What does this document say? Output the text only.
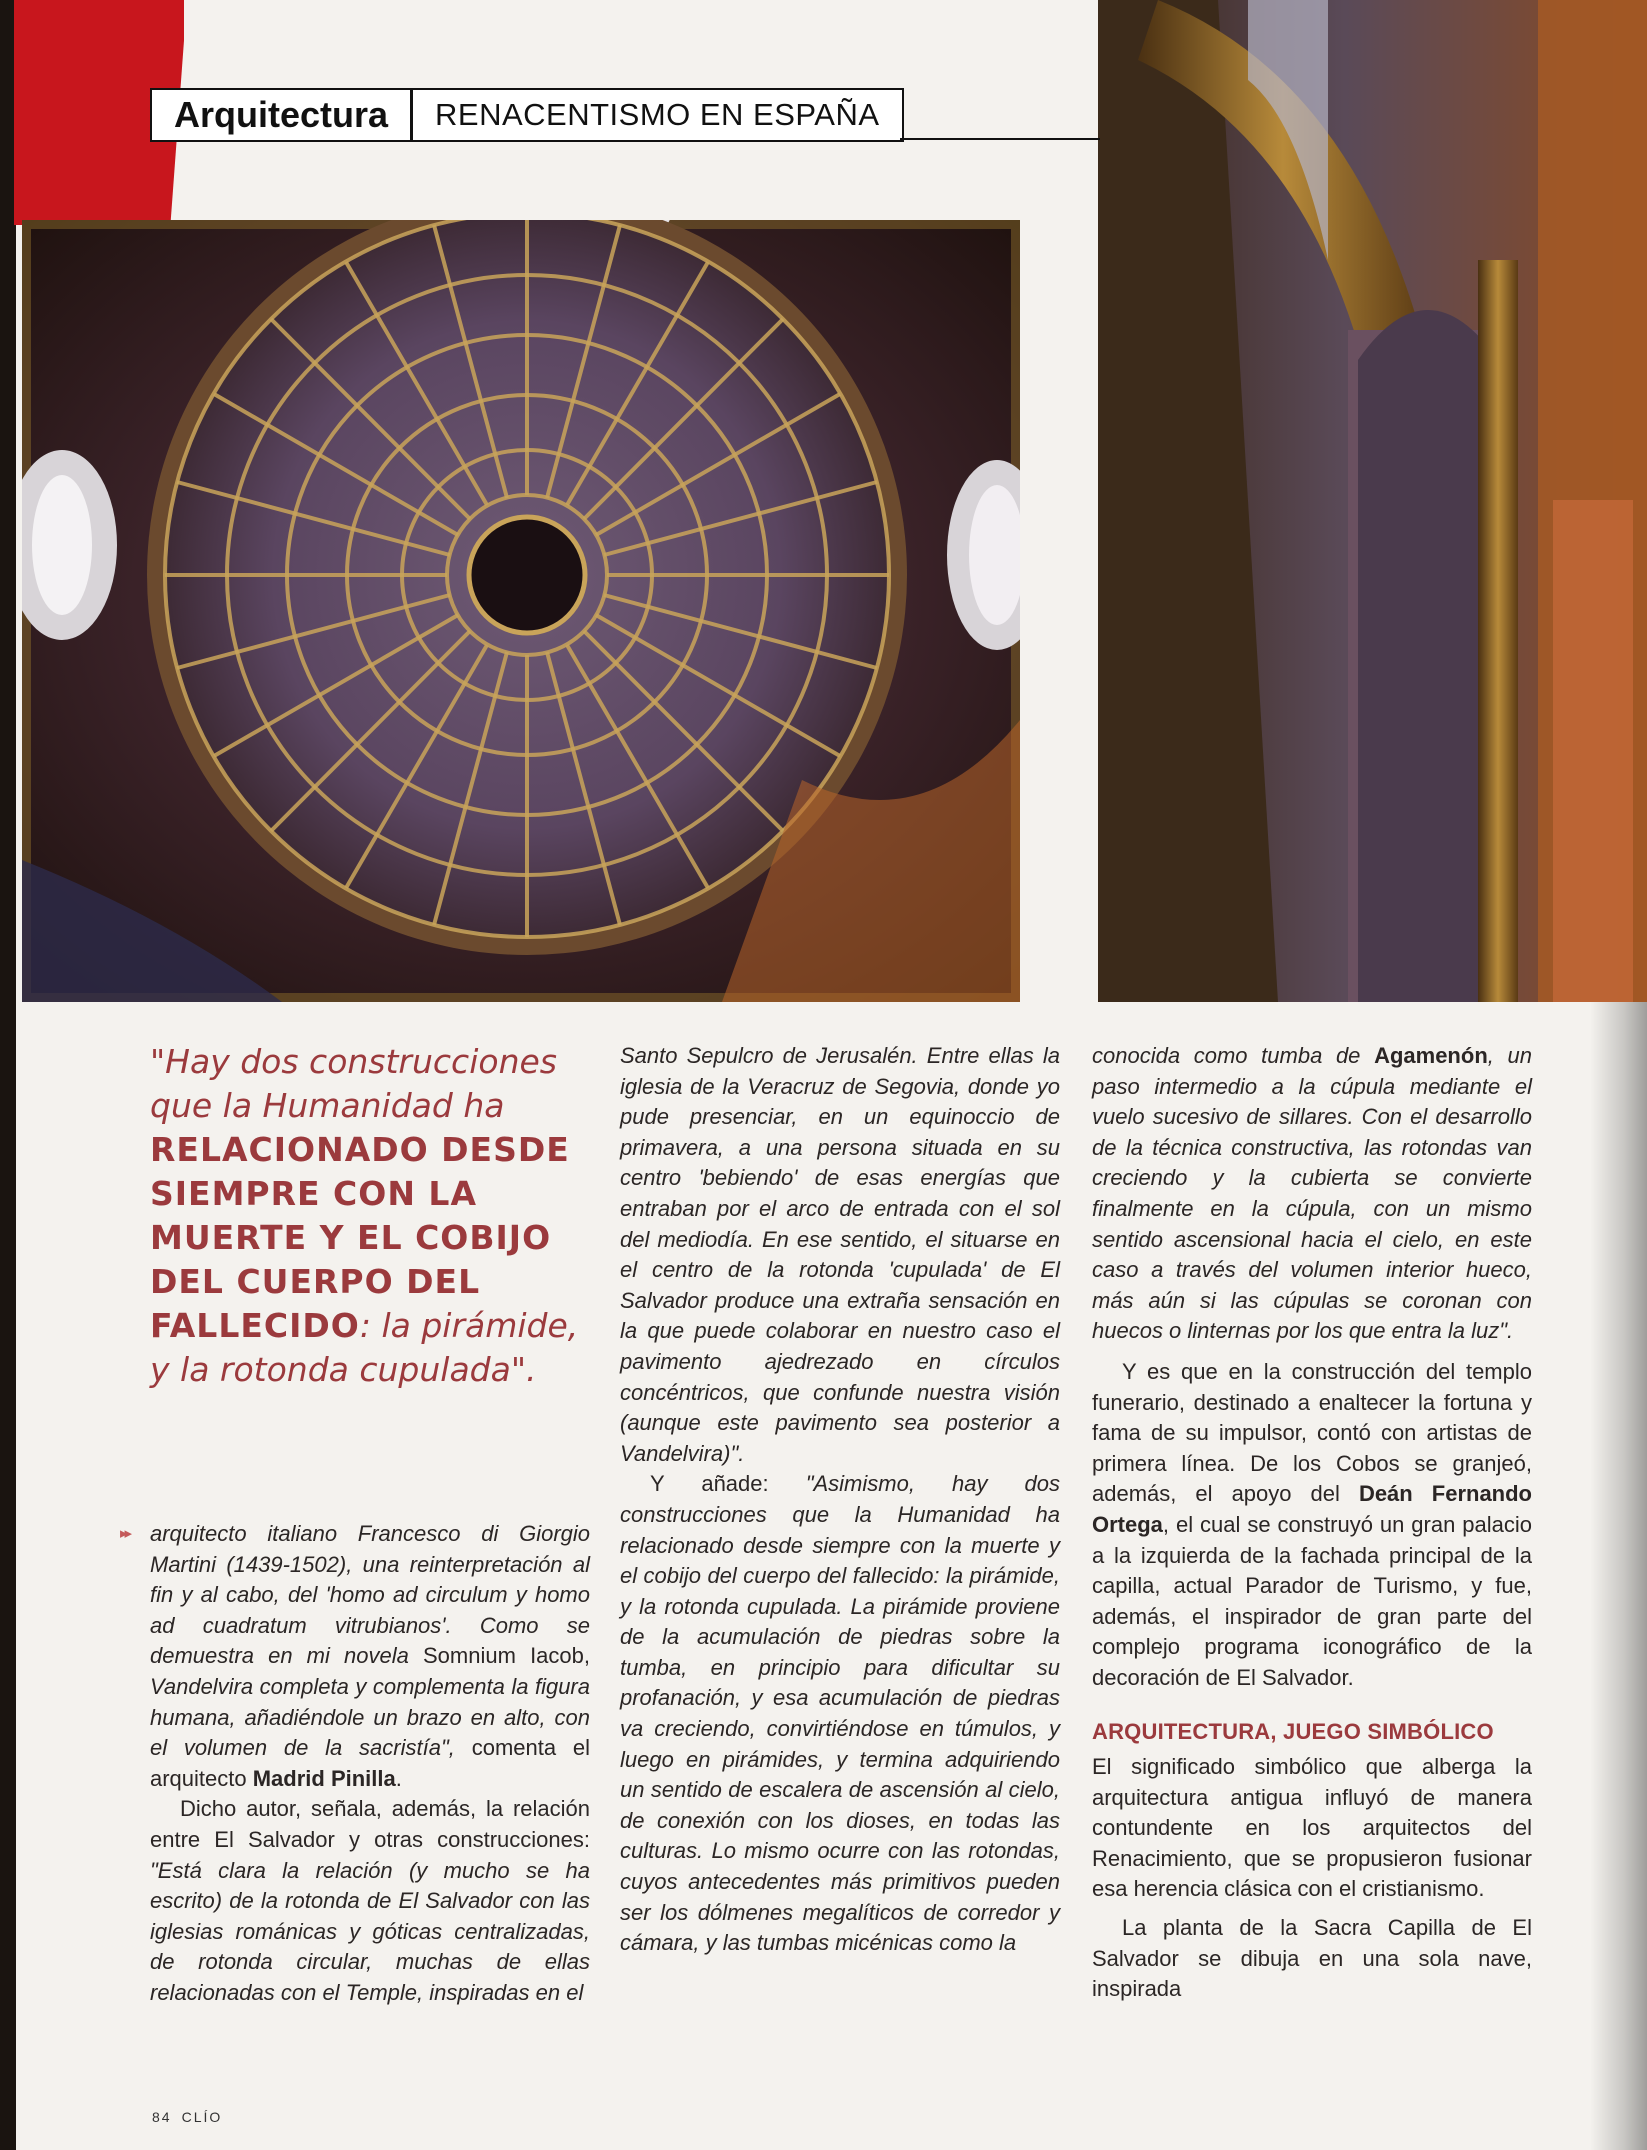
Arquitectura	RENACENTISMO EN ESPAÑA
"Hay dos construcciones que la Humanidad ha RELACIONADO DESDE SIEMPRE CON LA MUERTE Y EL COBIJO DEL CUERPO DEL FALLECIDO: la pirámide, y la rotonda cupulada".
▸▸ arquitecto italiano Francesco di Giorgio Martini (1439-1502), una reinterpretación al fin y al cabo, del 'homo ad circulum y homo ad cuadratum vitrubianos'. Como se demuestra en mi novela Somnium Iacob, Vandelvira completa y complementa la figura humana, añadiéndole un brazo en alto, con el volumen de la sacristía", comenta el arquitecto Madrid Pinilla.

Dicho autor, señala, además, la relación entre El Salvador y otras construcciones: "Está clara la relación (y mucho se ha escrito) de la rotonda de El Salvador con las iglesias románicas y góticas centralizadas, de rotonda circular, muchas de ellas relacionadas con el Temple, inspiradas en el

Santo Sepulcro de Jerusalén. Entre ellas la iglesia de la Veracruz de Segovia, donde yo pude presenciar, en un equinoccio de primavera, a una persona situada en su centro 'bebiendo' de esas energías que entraban por el arco de entrada con el sol del mediodía. En ese sentido, el situarse en el centro de la rotonda 'cupulada' de El Salvador produce una extraña sensación en la que puede colaborar en nuestro caso el pavimento ajedrezado en círculos concéntricos, que confunde nuestra visión (aunque este pavimento sea posterior a Vandelvira)".

Y añade: "Asimismo, hay dos construcciones que la Humanidad ha relacionado desde siempre con la muerte y el cobijo del cuerpo del fallecido: la pirámide, y la rotonda cupulada. La pirámide proviene de la acumulación de piedras sobre la tumba, en principio para dificultar su profanación, y esa acumulación de piedras va creciendo, convirtiéndose en túmulos, y luego en pirámides, y termina adquiriendo un sentido de escalera de ascensión al cielo, de conexión con los dioses, en todas las culturas. Lo mismo ocurre con las rotondas, cuyos antecedentes más primitivos pueden ser los dólmenes megalíticos de corredor y cámara, y las tumbas micénicas como la

conocida como tumba de Agamenón, un paso intermedio a la cúpula mediante el vuelo sucesivo de sillares. Con el desarrollo de la técnica constructiva, las rotondas van creciendo y la cubierta se convierte finalmente en la cúpula, con un mismo sentido ascensional hacia el cielo, en este caso a través del volumen interior hueco, más aún si las cúpulas se coronan con huecos o linternas por los que entra la luz".

Y es que en la construcción del templo funerario, destinado a enaltecer la fortuna y fama de su impulsor, contó con artistas de primera línea. De los Cobos se granjeó, además, el apoyo del Deán Fernando Ortega, el cual se construyó un gran palacio a la izquierda de la fachada principal de la capilla, actual Parador de Turismo, y fue, además, el inspirador de gran parte del complejo programa iconográfico de la decoración de El Salvador.

ARQUITECTURA, JUEGO SIMBÓLICO

El significado simbólico que alberga la arquitectura antigua influyó de manera contundente en los arquitectos del Renacimiento, que se propusieron fusionar esa herencia clásica con el cristianismo.

La planta de la Sacra Capilla de El Salvador se dibuja en una sola nave, inspirada

84 CLÍO
